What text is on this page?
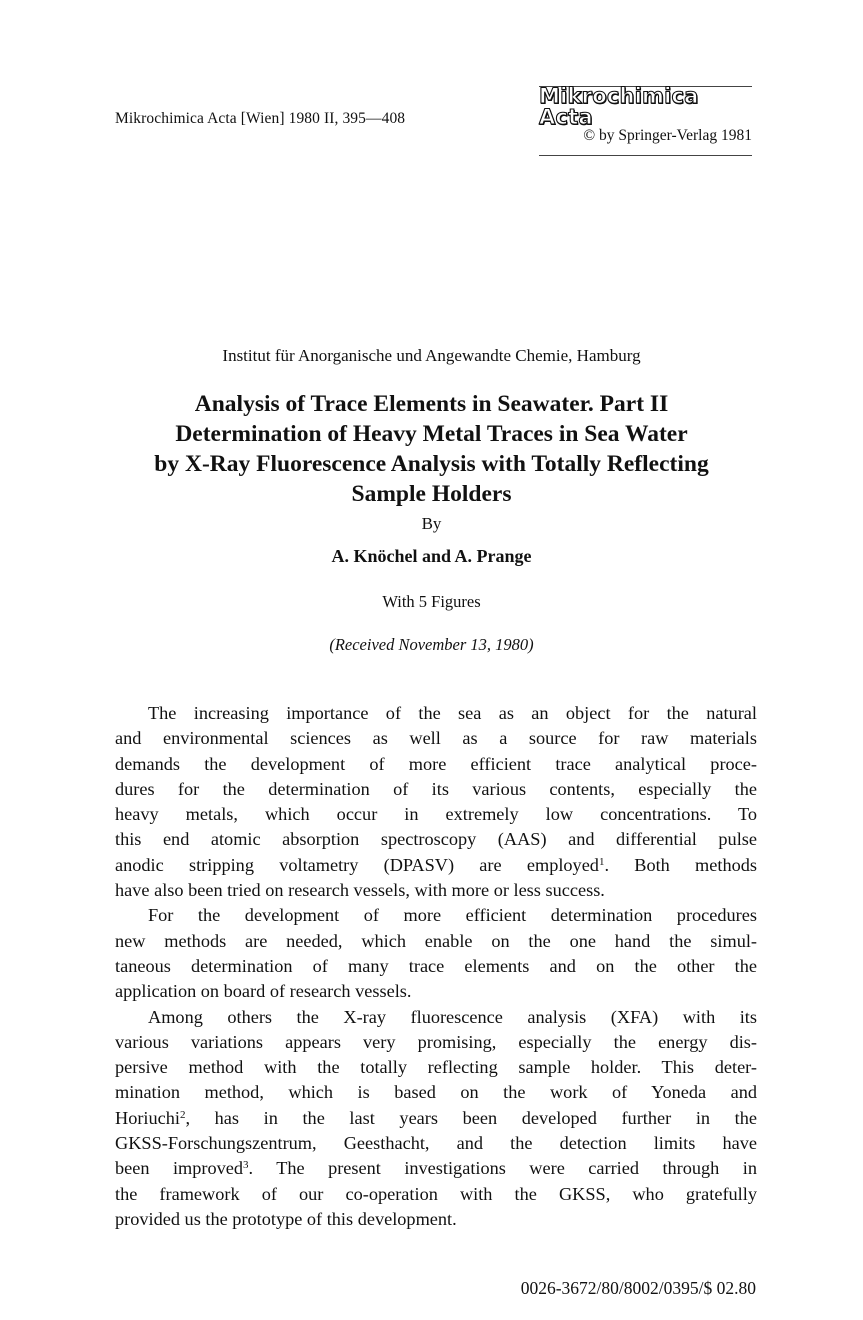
Mikrochimica Acta [Wien] 1980 II, 395—408
Mikrochimica Acta
© by Springer-Verlag 1981
Institut für Anorganische und Angewandte Chemie, Hamburg
Analysis of Trace Elements in Seawater. Part II
Determination of Heavy Metal Traces in Sea Water
by X-Ray Fluorescence Analysis with Totally Reflecting
Sample Holders
By
A. Knöchel and A. Prange
With 5 Figures
(Received November 13, 1980)

The increasing importance of the sea as an object for the natural
and environmental sciences as well as a source for raw materials
demands the development of more efficient trace analytical proce-
dures for the determination of its various contents, especially the
heavy metals, which occur in extremely low concentrations. To
this end atomic absorption spectroscopy (AAS) and differential pulse
anodic stripping voltametry (DPASV) are employed$^1$. Both methods
have also been tried on research vessels, with more or less success.

For the development of more efficient determination procedures
new methods are needed, which enable on the one hand the simul-
taneous determination of many trace elements and on the other the
application on board of research vessels.

Among others the X-ray fluorescence analysis (XFA) with its
various variations appears very promising, especially the energy dis-
persive method with the totally reflecting sample holder. This deter-
mination method, which is based on the work of Yoneda and
Horiuchi$^2$, has in the last years been developed further in the
GKSS-Forschungszentrum, Geesthacht, and the detection limits have
been improved$^3$. The present investigations were carried through in
the framework of our co-operation with the GKSS, who gratefully
provided us the prototype of this development.

0026-3672/80/8002/0395/$ 02.80
